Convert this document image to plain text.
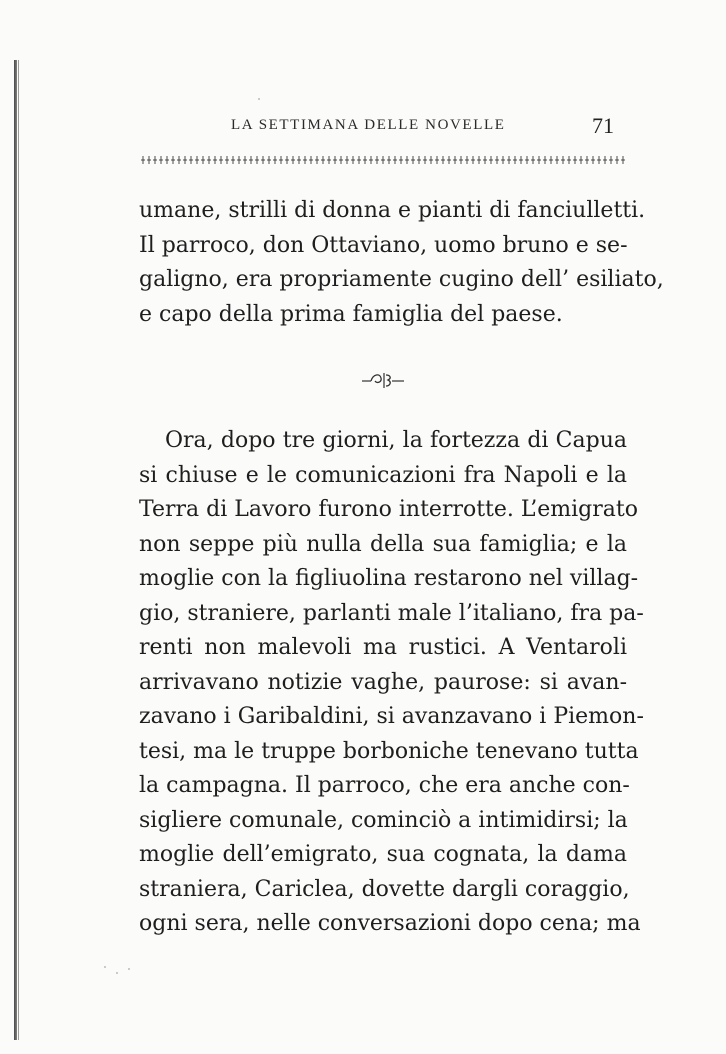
LA SETTIMANA DELLE NOVELLE	71
umane, strilli di donna e pianti di fanciulletti.
Il parroco, don Ottaviano, uomo bruno e se-
galigno, era propriamente cugino dell’ esiliato,
e capo della prima famiglia del paese.
Ora, dopo tre giorni, la fortezza di Capua
si chiuse e le comunicazioni fra Napoli e la
Terra di Lavoro furono interrotte. L’emigrato
non seppe più nulla della sua famiglia; e la
moglie con la figliuolina restarono nel villag-
gio, straniere, parlanti male l’italiano, fra pa-
renti non malevoli ma rustici. A Ventaroli
arrivavano notizie vaghe, paurose: si avan-
zavano i Garibaldini, si avanzavano i Piemon-
tesi, ma le truppe borboniche tenevano tutta
la campagna. Il parroco, che era anche con-
sigliere comunale, cominciò a intimidirsi; la
moglie dell’emigrato, sua cognata, la dama
straniera, Cariclea, dovette dargli coraggio,
ogni sera, nelle conversazioni dopo cena; ma
